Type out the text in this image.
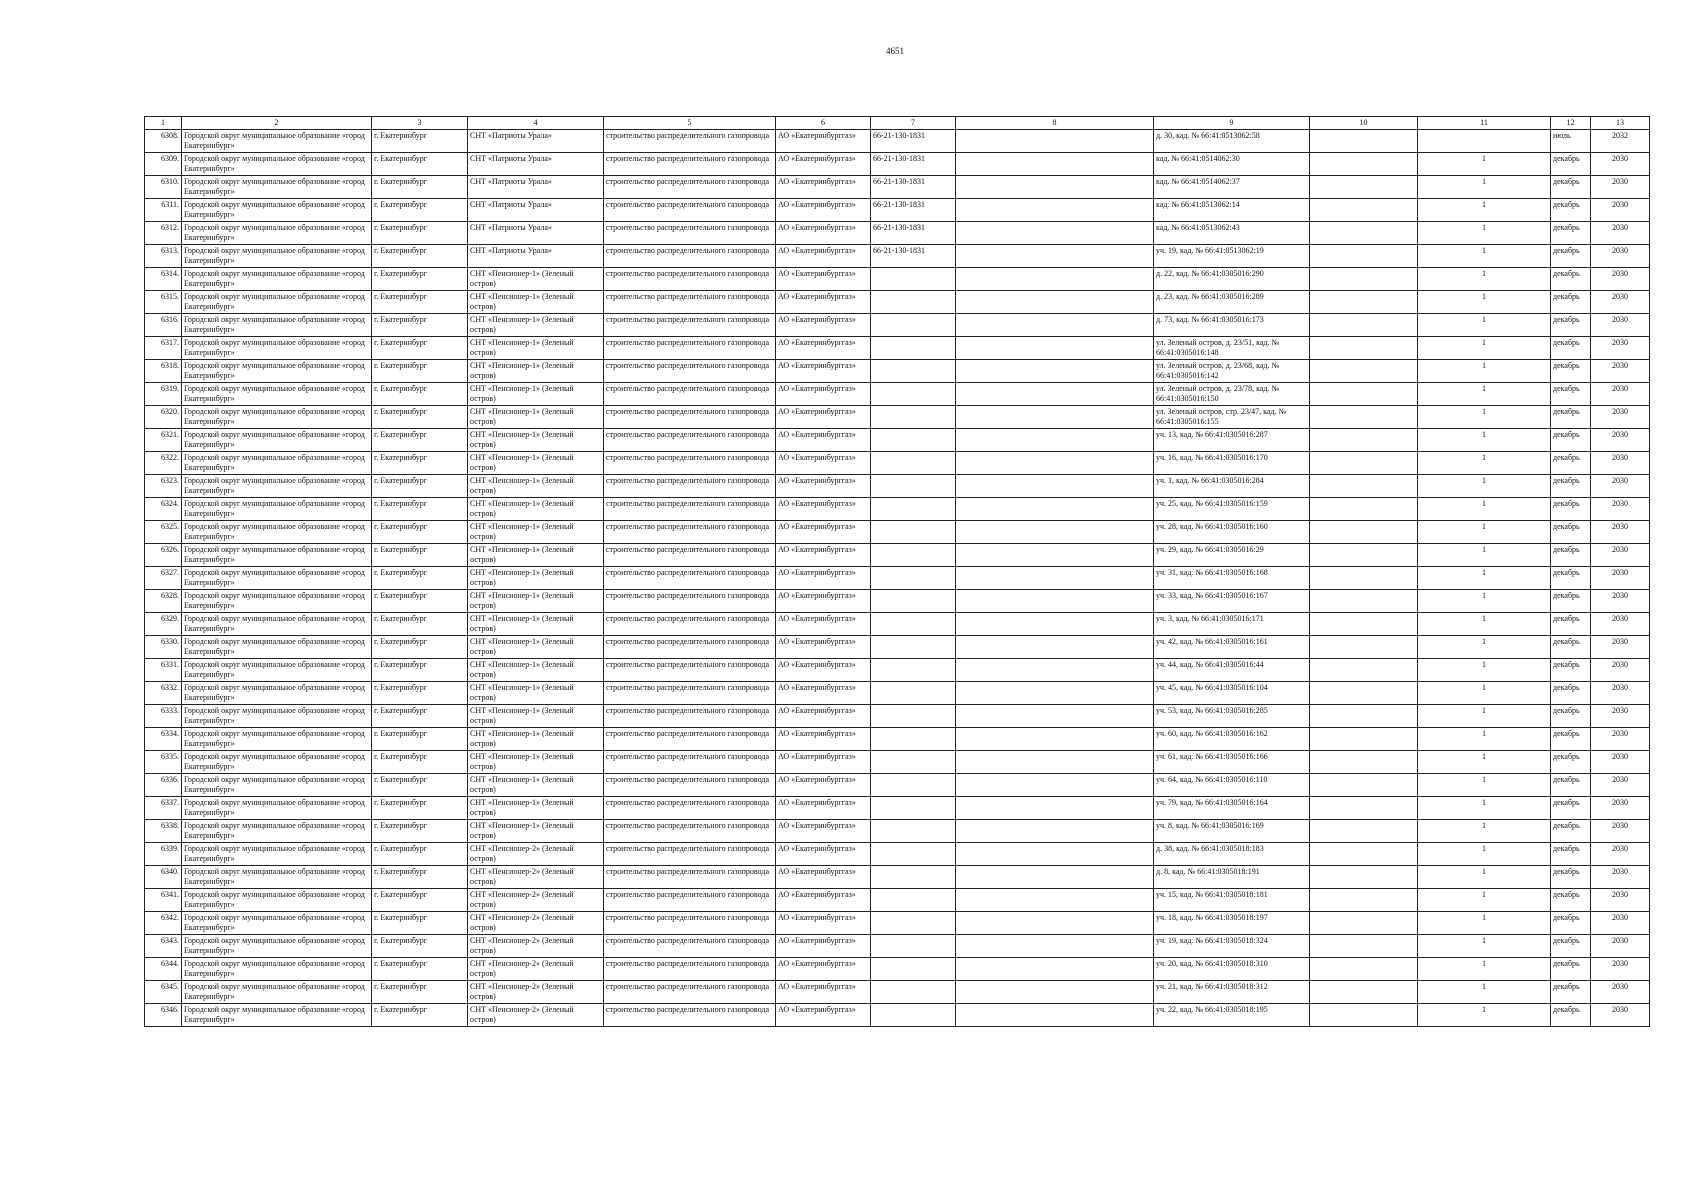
4651
1	2	3	4	5	6	7	8	9	10	11	12	13
6308.	Городской округ муниципальное образование «город Екатеринбург»	г. Екатеринбург	СНТ «Патриоты Урала»	строительство распределительного газопровода	АО «Екатеринбурггаз»	66-21-130-1831		д. 30, кад. № 66:41:0513062:58			июль	2032
6309.	Городской округ муниципальное образование «город Екатеринбург»	г. Екатеринбург	СНТ «Патриоты Урала»	строительство распределительного газопровода	АО «Екатеринбурггаз»	66-21-130-1831		кад. № 66:41:0514062:30		1	декабрь	2030
6310.	Городской округ муниципальное образование «город Екатеринбург»	г. Екатеринбург	СНТ «Патриоты Урала»	строительство распределительного газопровода	АО «Екатеринбурггаз»	66-21-130-1831		кад. № 66:41:0514062:37		1	декабрь	2030
6311.	Городской округ муниципальное образование «город Екатеринбург»	г. Екатеринбург	СНТ «Патриоты Урала»	строительство распределительного газопровода	АО «Екатеринбурггаз»	66-21-130-1831		кад. № 66:41:0513062:14		1	декабрь	2030
6312.	Городской округ муниципальное образование «город Екатеринбург»	г. Екатеринбург	СНТ «Патриоты Урала»	строительство распределительного газопровода	АО «Екатеринбурггаз»	66-21-130-1831		кад. № 66:41:0513062:43		1	декабрь	2030
6313.	Городской округ муниципальное образование «город Екатеринбург»	г. Екатеринбург	СНТ «Патриоты Урала»	строительство распределительного газопровода	АО «Екатеринбурггаз»	66-21-130-1831		уч. 19, кад. № 66:41:0513062:19		1	декабрь	2030
6314.	Городской округ муниципальное образование «город Екатеринбург»	г. Екатеринбург	СНТ «Пенсионер-1» (Зеленый остров)	строительство распределительного газопровода	АО «Екатеринбурггаз»			д. 22, кад. № 66:41:0305016:290		1	декабрь	2030
6315.	Городской округ муниципальное образование «город Екатеринбург»	г. Екатеринбург	СНТ «Пенсионер-1» (Зеленый остров)	строительство распределительного газопровода	АО «Екатеринбурггаз»			д. 23, кад. № 66:41:0305016:289		1	декабрь	2030
6316.	Городской округ муниципальное образование «город Екатеринбург»	г. Екатеринбург	СНТ «Пенсионер-1» (Зеленый остров)	строительство распределительного газопровода	АО «Екатеринбурггаз»			д. 73, кад. № 66:41:0305016:173		1	декабрь	2030
6317.	Городской округ муниципальное образование «город Екатеринбург»	г. Екатеринбург	СНТ «Пенсионер-1» (Зеленый остров)	строительство распределительного газопровода	АО «Екатеринбурггаз»			ул. Зеленый остров, д. 23/51, кад. № 66:41:0305016:148		1	декабрь	2030
6318.	Городской округ муниципальное образование «город Екатеринбург»	г. Екатеринбург	СНТ «Пенсионер-1» (Зеленый остров)	строительство распределительного газопровода	АО «Екатеринбурггаз»			ул. Зеленый остров, д. 23/68, кад. № 66:41:0305016:142		1	декабрь	2030
6319.	Городской округ муниципальное образование «город Екатеринбург»	г. Екатеринбург	СНТ «Пенсионер-1» (Зеленый остров)	строительство распределительного газопровода	АО «Екатеринбурггаз»			ул. Зеленый остров, д. 23/78, кад. № 66:41:0305016:150		1	декабрь	2030
6320.	Городской округ муниципальное образование «город Екатеринбург»	г. Екатеринбург	СНТ «Пенсионер-1» (Зеленый остров)	строительство распределительного газопровода	АО «Екатеринбурггаз»			ул. Зеленый остров, стр. 23/47, кад. № 66:41:0305016:155		1	декабрь	2030
6321.	Городской округ муниципальное образование «город Екатеринбург»	г. Екатеринбург	СНТ «Пенсионер-1» (Зеленый остров)	строительство распределительного газопровода	АО «Екатеринбурггаз»			уч. 13, кад. № 66:41:0305016:287		1	декабрь	2030
6322.	Городской округ муниципальное образование «город Екатеринбург»	г. Екатеринбург	СНТ «Пенсионер-1» (Зеленый остров)	строительство распределительного газопровода	АО «Екатеринбурггаз»			уч. 16, кад. № 66:41:0305016:170		1	декабрь	2030
6323.	Городской округ муниципальное образование «город Екатеринбург»	г. Екатеринбург	СНТ «Пенсионер-1» (Зеленый остров)	строительство распределительного газопровода	АО «Екатеринбурггаз»			уч. 1, кад. № 66:41:0305016:284		1	декабрь	2030
6324.	Городской округ муниципальное образование «город Екатеринбург»	г. Екатеринбург	СНТ «Пенсионер-1» (Зеленый остров)	строительство распределительного газопровода	АО «Екатеринбурггаз»			уч. 25, кад. № 66:41:0305016:159		1	декабрь	2030
6325.	Городской округ муниципальное образование «город Екатеринбург»	г. Екатеринбург	СНТ «Пенсионер-1» (Зеленый остров)	строительство распределительного газопровода	АО «Екатеринбурггаз»			уч. 28, кад. № 66:41:0305016:160		1	декабрь	2030
6326.	Городской округ муниципальное образование «город Екатеринбург»	г. Екатеринбург	СНТ «Пенсионер-1» (Зеленый остров)	строительство распределительного газопровода	АО «Екатеринбурггаз»			уч. 29, кад. № 66:41:0305016:29		1	декабрь	2030
6327.	Городской округ муниципальное образование «город Екатеринбург»	г. Екатеринбург	СНТ «Пенсионер-1» (Зеленый остров)	строительство распределительного газопровода	АО «Екатеринбурггаз»			уч. 31, кад. № 66:41:0305016:168		1	декабрь	2030
6328.	Городской округ муниципальное образование «город Екатеринбург»	г. Екатеринбург	СНТ «Пенсионер-1» (Зеленый остров)	строительство распределительного газопровода	АО «Екатеринбурггаз»			уч. 33, кад. № 66:41:0305016:167		1	декабрь	2030
6329.	Городской округ муниципальное образование «город Екатеринбург»	г. Екатеринбург	СНТ «Пенсионер-1» (Зеленый остров)	строительство распределительного газопровода	АО «Екатеринбурггаз»			уч. 3, кад. № 66:41:0305016:171		1	декабрь	2030
6330.	Городской округ муниципальное образование «город Екатеринбург»	г. Екатеринбург	СНТ «Пенсионер-1» (Зеленый остров)	строительство распределительного газопровода	АО «Екатеринбурггаз»			уч. 42, кад. № 66:41:0305016:161		1	декабрь	2030
6331.	Городской округ муниципальное образование «город Екатеринбург»	г. Екатеринбург	СНТ «Пенсионер-1» (Зеленый остров)	строительство распределительного газопровода	АО «Екатеринбурггаз»			уч. 44, кад. № 66:41:0305016:44		1	декабрь	2030
6332.	Городской округ муниципальное образование «город Екатеринбург»	г. Екатеринбург	СНТ «Пенсионер-1» (Зеленый остров)	строительство распределительного газопровода	АО «Екатеринбурггаз»			уч. 45, кад. № 66:41:0305016:104		1	декабрь	2030
6333.	Городской округ муниципальное образование «город Екатеринбург»	г. Екатеринбург	СНТ «Пенсионер-1» (Зеленый остров)	строительство распределительного газопровода	АО «Екатеринбурггаз»			уч. 53, кад. № 66:41:0305016:285		1	декабрь	2030
6334.	Городской округ муниципальное образование «город Екатеринбург»	г. Екатеринбург	СНТ «Пенсионер-1» (Зеленый остров)	строительство распределительного газопровода	АО «Екатеринбурггаз»			уч. 60, кад. № 66:41:0305016:162		1	декабрь	2030
6335.	Городской округ муниципальное образование «город Екатеринбург»	г. Екатеринбург	СНТ «Пенсионер-1» (Зеленый остров)	строительство распределительного газопровода	АО «Екатеринбурггаз»			уч. 61, кад. № 66:41:0305016:166		1	декабрь	2030
6336.	Городской округ муниципальное образование «город Екатеринбург»	г. Екатеринбург	СНТ «Пенсионер-1» (Зеленый остров)	строительство распределительного газопровода	АО «Екатеринбурггаз»			уч. 64, кад. № 66:41:0305016:110		1	декабрь	2030
6337.	Городской округ муниципальное образование «город Екатеринбург»	г. Екатеринбург	СНТ «Пенсионер-1» (Зеленый остров)	строительство распределительного газопровода	АО «Екатеринбурггаз»			уч. 79, кад. № 66:41:0305016:164		1	декабрь	2030
6338.	Городской округ муниципальное образование «город Екатеринбург»	г. Екатеринбург	СНТ «Пенсионер-1» (Зеленый остров)	строительство распределительного газопровода	АО «Екатеринбурггаз»			уч. 8, кад. № 66:41:0305016:169		1	декабрь	2030
6339.	Городской округ муниципальное образование «город Екатеринбург»	г. Екатеринбург	СНТ «Пенсионер-2» (Зеленый остров)	строительство распределительного газопровода	АО «Екатеринбурггаз»			д. 38, кад. № 66:41:0305018:183		1	декабрь	2030
6340.	Городской округ муниципальное образование «город Екатеринбург»	г. Екатеринбург	СНТ «Пенсионер-2» (Зеленый остров)	строительство распределительного газопровода	АО «Екатеринбурггаз»			д. 8, кад. № 66:41:0305018:191		1	декабрь	2030
6341.	Городской округ муниципальное образование «город Екатеринбург»	г. Екатеринбург	СНТ «Пенсионер-2» (Зеленый остров)	строительство распределительного газопровода	АО «Екатеринбурггаз»			уч. 15, кад. № 66:41:0305018:181		1	декабрь	2030
6342.	Городской округ муниципальное образование «город Екатеринбург»	г. Екатеринбург	СНТ «Пенсионер-2» (Зеленый остров)	строительство распределительного газопровода	АО «Екатеринбурггаз»			уч. 18, кад. № 66:41:0305018:197		1	декабрь	2030
6343.	Городской округ муниципальное образование «город Екатеринбург»	г. Екатеринбург	СНТ «Пенсионер-2» (Зеленый остров)	строительство распределительного газопровода	АО «Екатеринбурггаз»			уч. 19, кад. № 66:41:0305018:324		1	декабрь	2030
6344.	Городской округ муниципальное образование «город Екатеринбург»	г. Екатеринбург	СНТ «Пенсионер-2» (Зеленый остров)	строительство распределительного газопровода	АО «Екатеринбурггаз»			уч. 20, кад. № 66:41:0305018:310		1	декабрь	2030
6345.	Городской округ муниципальное образование «город Екатеринбург»	г. Екатеринбург	СНТ «Пенсионер-2» (Зеленый остров)	строительство распределительного газопровода	АО «Екатеринбурггаз»			уч. 21, кад. № 66:41:0305018:312		1	декабрь	2030
6346.	Городской округ муниципальное образование «город Екатеринбург»	г. Екатеринбург	СНТ «Пенсионер-2» (Зеленый остров)	строительство распределительного газопровода	АО «Екатеринбурггаз»			уч. 22, кад. № 66:41:0305018:195		1	декабрь	2030
